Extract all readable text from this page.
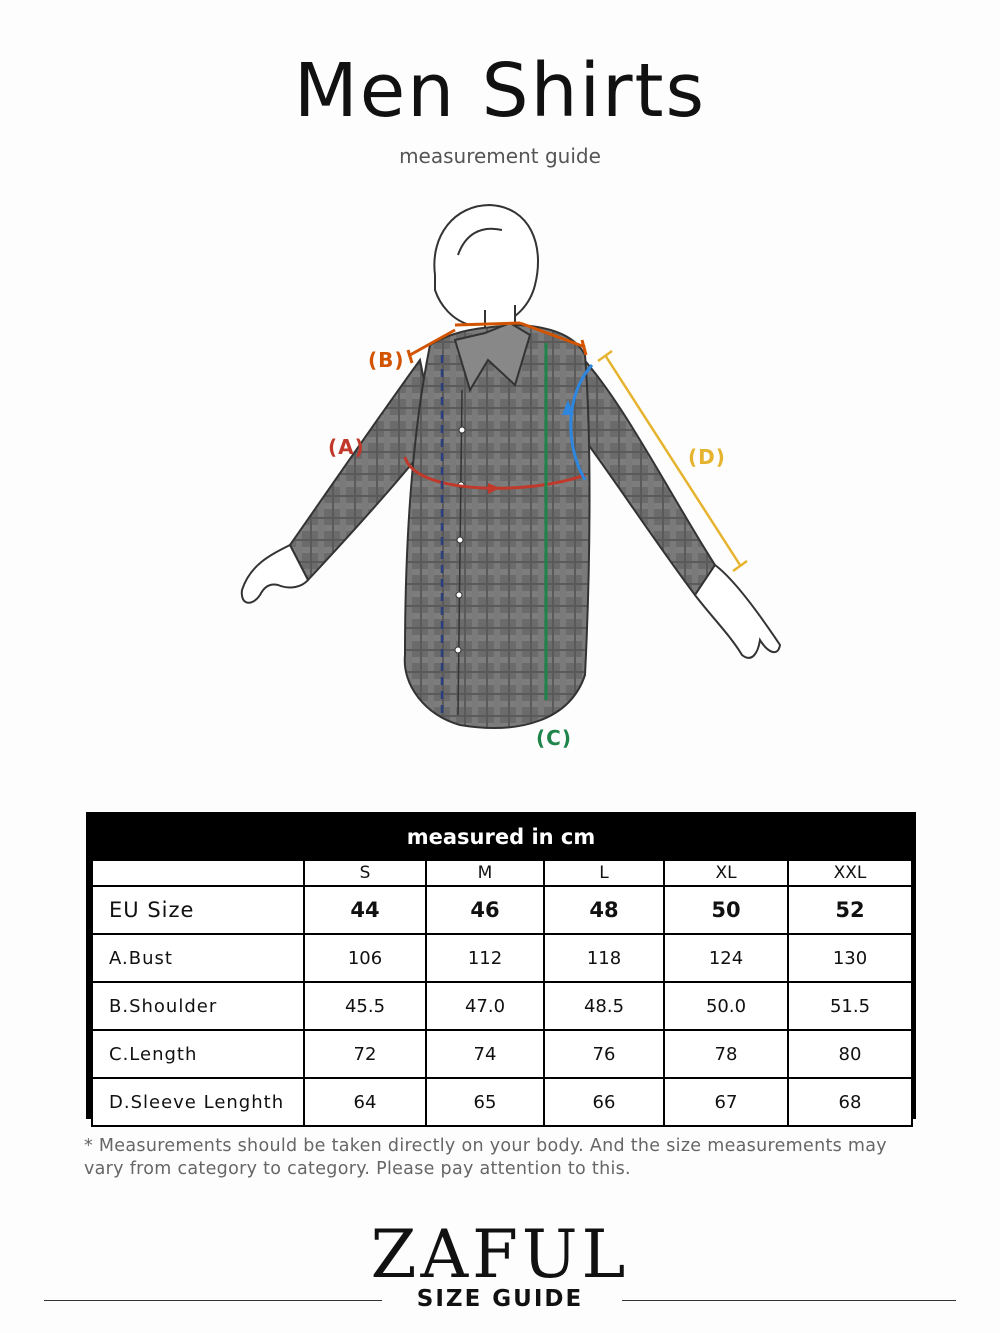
Men Shirts
measurement guide
(A)
(B)
(C)
(D)
measured in cm
	S	M	L	XL	XXL
EU Size	44	46	48	50	52
A.Bust	106	112	118	124	130
B.Shoulder	45.5	47.0	48.5	50.0	51.5
C.Length	72	74	76	78	80
D.Sleeve Lenghth	64	65	66	67	68
* Measurements should be taken directly on your body. And the size measurements may vary from category to category. Please pay attention to this.
ZAFUL
SIZE GUIDE
